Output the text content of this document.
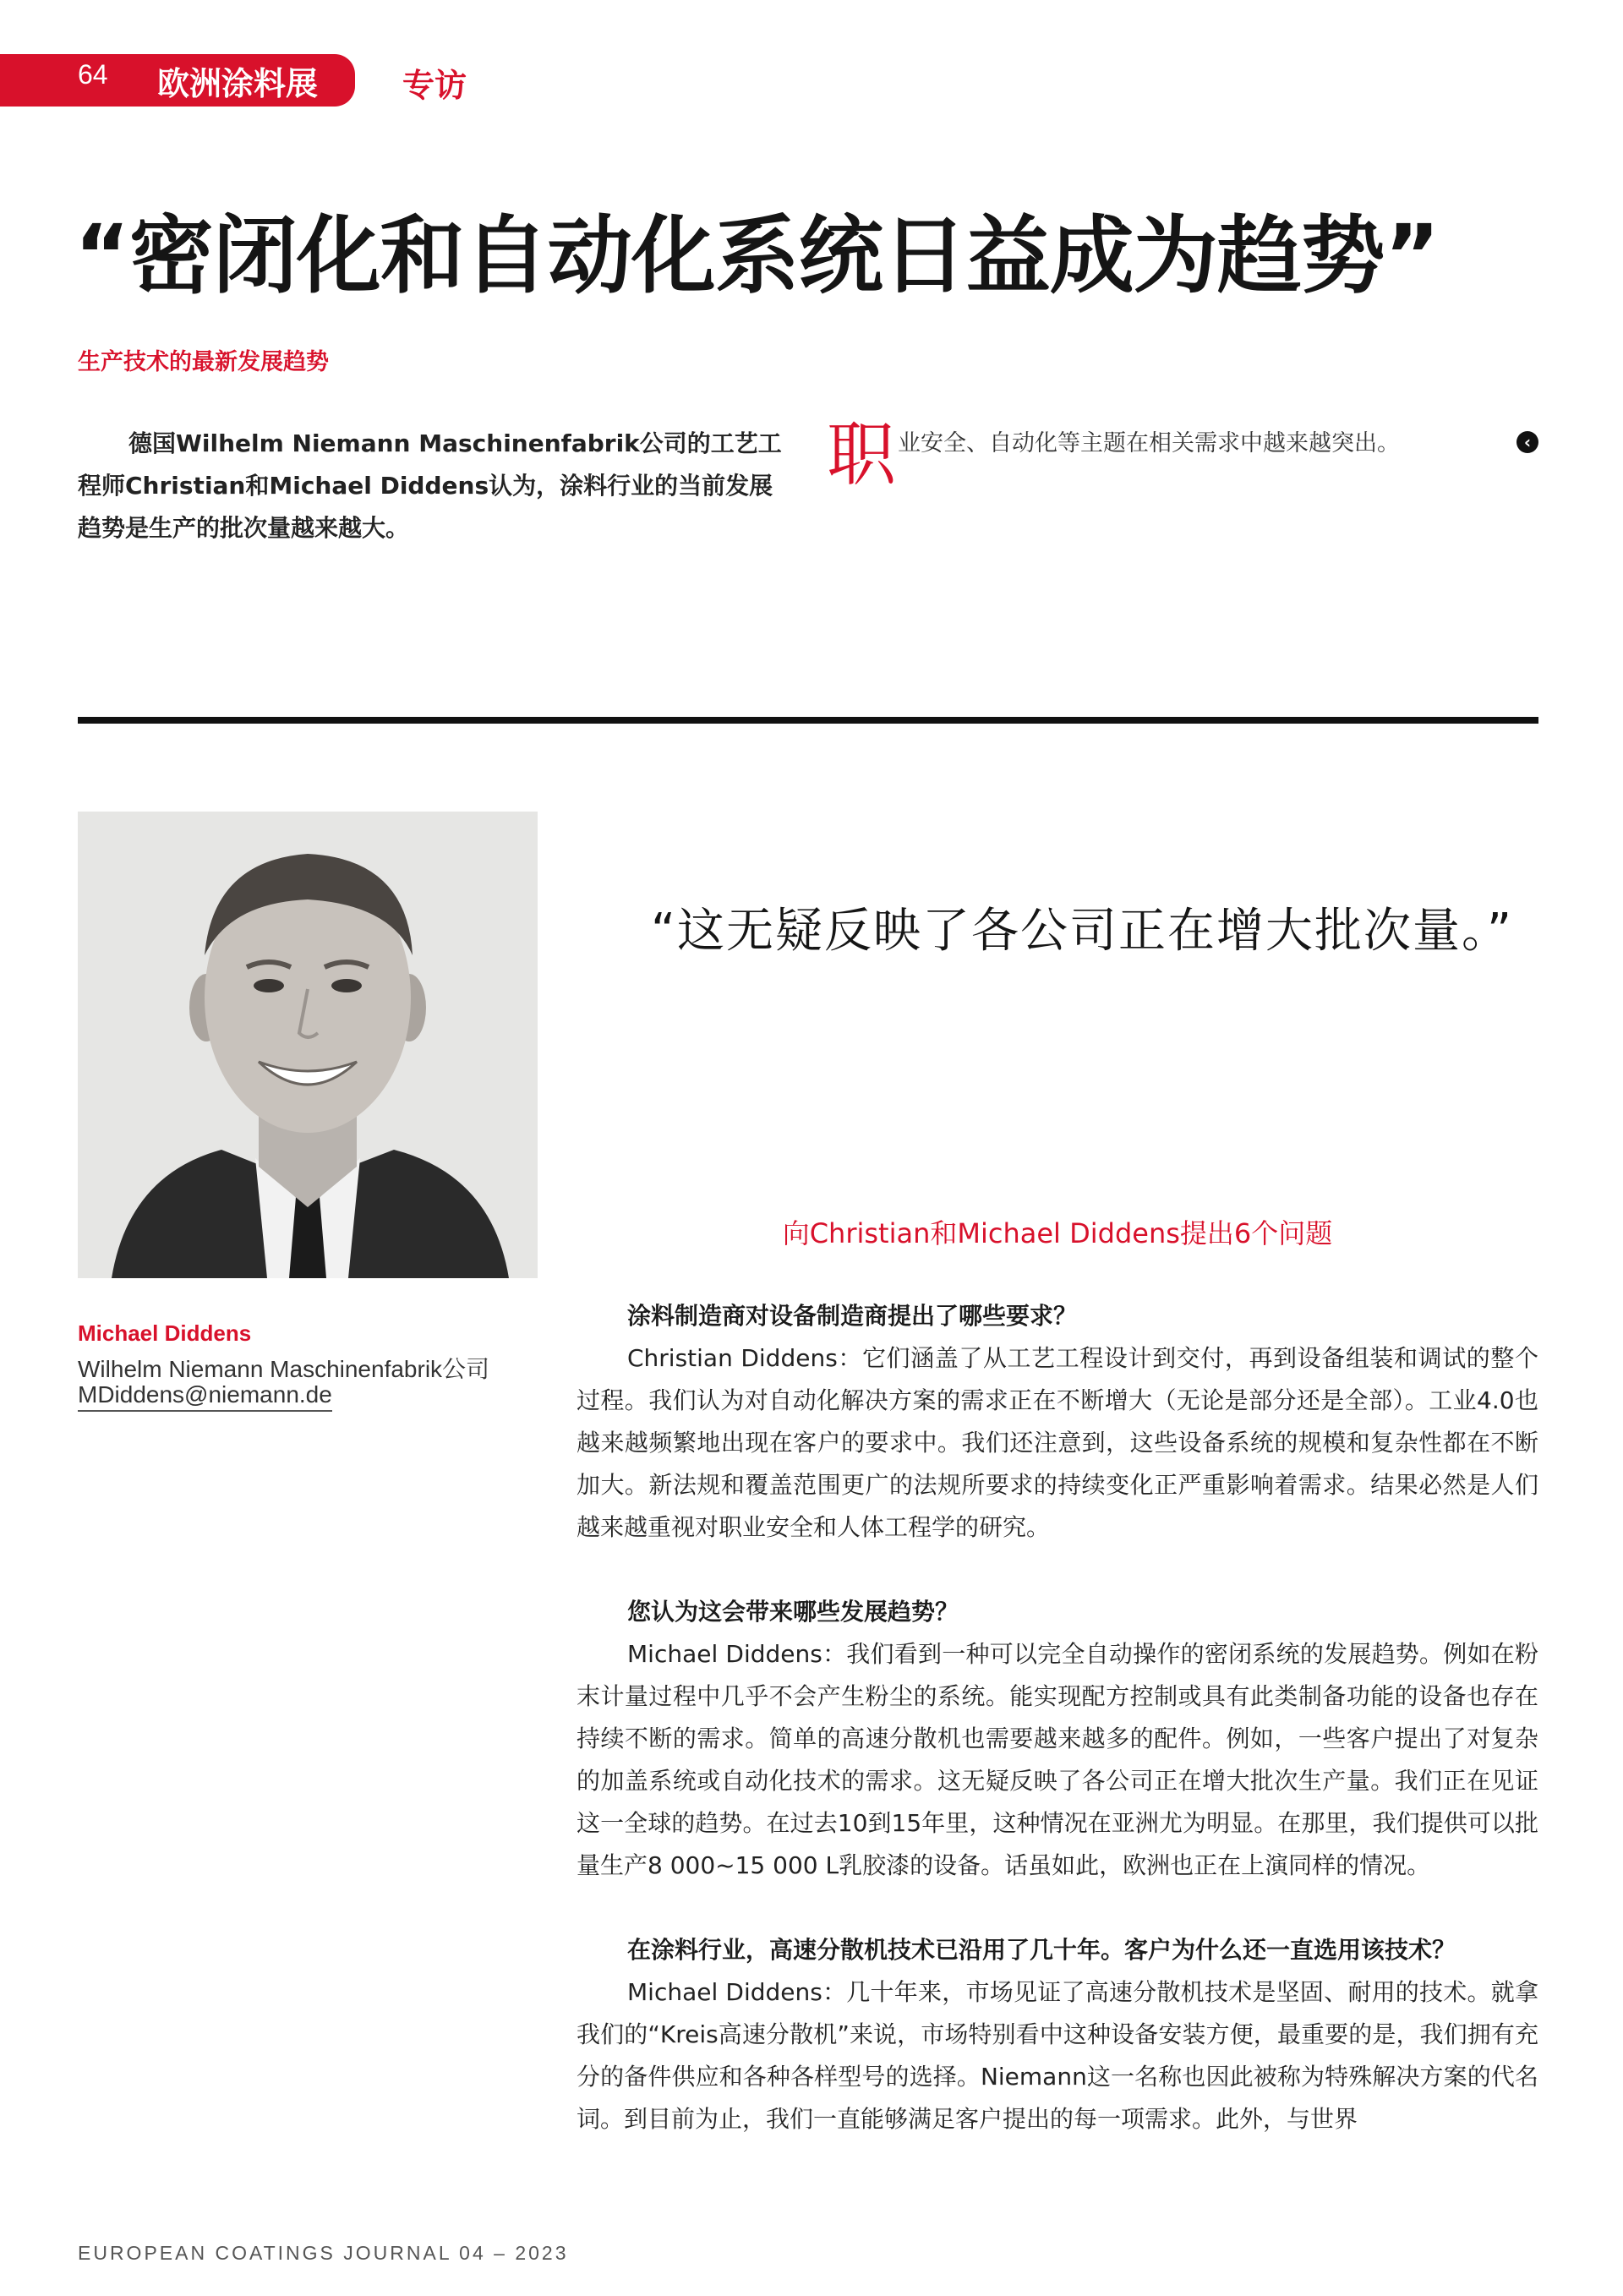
64 欧洲涂料展	专访
“密闭化和自动化系统日益成为趋势”
生产技术的最新发展趋势
德国Wilhelm Niemann Maschinenfabrik公司的工艺工程师Christian和Michael Diddens认为，涂料行业的当前发展趋势是生产的批次量越来越大。
职 业安全、自动化等主题在相关需求中越来越突出。	‹
Michael Diddens
Wilhelm Niemann Maschinenfabrik公司
MDiddens@niemann.de
“这无疑反映了各公司正在增大批次量。”
向Christian和Michael Diddens提出6个问题
涂料制造商对设备制造商提出了哪些要求？

Christian Diddens：它们涵盖了从工艺工程设计到交付，再到设备组装和调试的整个过程。我们认为对自动化解决方案的需求正在不断增大（无论是部分还是全部）。工业4.0也越来越频繁地出现在客户的要求中。我们还注意到，这些设备系统的规模和复杂性都在不断加大。新法规和覆盖范围更广的法规所要求的持续变化正严重影响着需求。结果必然是人们越来越重视对职业安全和人体工程学的研究。

您认为这会带来哪些发展趋势？

Michael Diddens：我们看到一种可以完全自动操作的密闭系统的发展趋势。例如在粉末计量过程中几乎不会产生粉尘的系统。能实现配方控制或具有此类制备功能的设备也存在持续不断的需求。简单的高速分散机也需要越来越多的配件。例如，一些客户提出了对复杂的加盖系统或自动化技术的需求。这无疑反映了各公司正在增大批次生产量。我们正在见证这一全球的趋势。在过去10到15年里，这种情况在亚洲尤为明显。在那里，我们提供可以批量生产8 000~15 000 L乳胶漆的设备。话虽如此，欧洲也正在上演同样的情况。

在涂料行业，高速分散机技术已沿用了几十年。客户为什么还一直选用该技术？

Michael Diddens：几十年来，市场见证了高速分散机技术是坚固、耐用的技术。就拿我们的“Kreis高速分散机”来说，市场特别看中这种设备安装方便，最重要的是，我们拥有充分的备件供应和各种各样型号的选择。Niemann这一名称也因此被称为特殊解决方案的代名词。到目前为止，我们一直能够满足客户提出的每一项需求。此外，与世界

EUROPEAN COATINGS JOURNAL 04 – 2023
